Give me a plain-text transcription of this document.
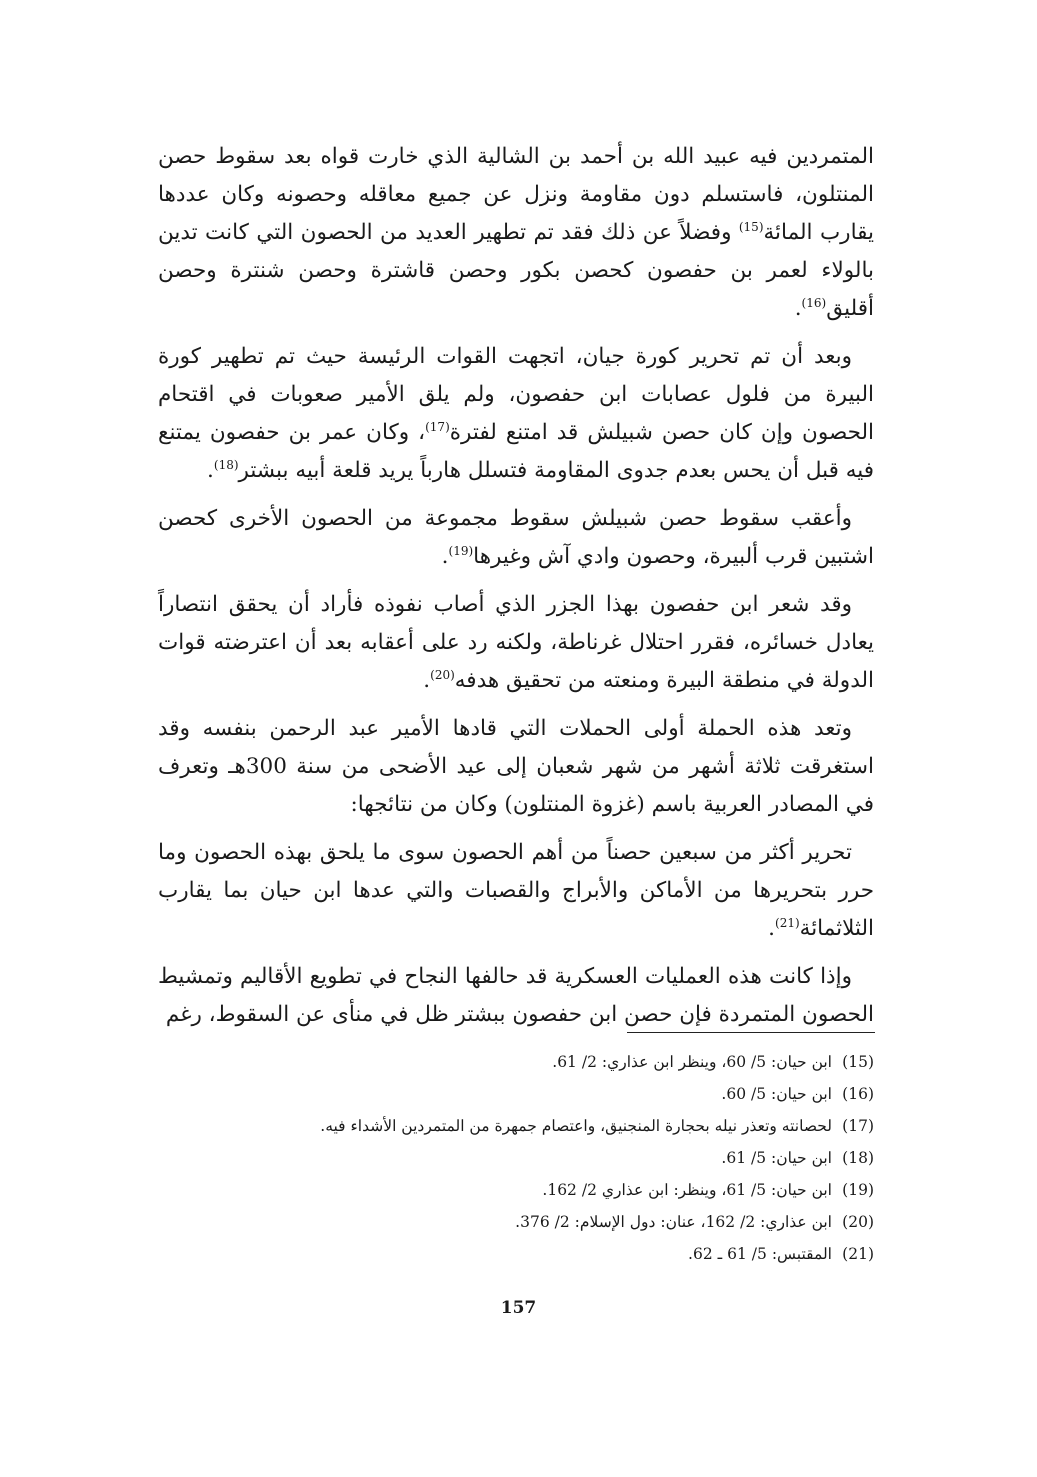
المتمردين فيه عبيد الله بن أحمد بن الشالية الذي خارت قواه بعد سقوط حصن المنتلون، فاستسلم دون مقاومة ونزل عن جميع معاقله وحصونه وكان عددها يقارب المائة$^{(15)}$ وفضلاً عن ذلك فقد تم تطهير العديد من الحصون التي كانت تدين بالولاء لعمر بن حفصون كحصن بكور وحصن قاشترة وحصن شنترة وحصن أقليق$^{(16)}$.

وبعد أن تم تحرير كورة جيان، اتجهت القوات الرئيسة حيث تم تطهير كورة البيرة من فلول عصابات ابن حفصون، ولم يلق الأمير صعوبات في اقتحام الحصون وإن كان حصن شبيلش قد امتنع لفترة$^{(17)}$، وكان عمر بن حفصون يمتنع فيه قبل أن يحس بعدم جدوى المقاومة فتسلل هارباً يريد قلعة أبيه ببشتر$^{(18)}$.

وأعقب سقوط حصن شبيلش سقوط مجموعة من الحصون الأخرى كحصن اشتبين قرب ألبيرة، وحصون وادي آش وغيرها$^{(19)}$.

وقد شعر ابن حفصون بهذا الجزر الذي أصاب نفوذه فأراد أن يحقق انتصاراً يعادل خسائره، فقرر احتلال غرناطة، ولكنه رد على أعقابه بعد أن اعترضته قوات الدولة في منطقة البيرة ومنعته من تحقيق هدفه$^{(20)}$.

وتعد هذه الحملة أولى الحملات التي قادها الأمير عبد الرحمن بنفسه وقد استغرقت ثلاثة أشهر من شهر شعبان إلى عيد الأضحى من سنة 300هـ وتعرف في المصادر العربية باسم (غزوة المنتلون) وكان من نتائجها:

تحرير أكثر من سبعين حصناً من أهم الحصون سوى ما يلحق بهذه الحصون وما حرر بتحريرها من الأماكن والأبراج والقصبات والتي عدها ابن حيان بما يقارب الثلاثمائة$^{(21)}$.

وإذا كانت هذه العمليات العسكرية قد حالفها النجاح في تطويع الأقاليم وتمشيط الحصون المتمردة فإن حصن ابن حفصون ببشتر ظل في منأى عن السقوط، رغم

(15)
ابن حيان: 5/ 60، وينظر ابن عذاري: 2/ 61.
(16)
ابن حيان: 5/ 60.
(17)
لحصانته وتعذر نيله بحجارة المنجنيق، واعتصام جمهرة من المتمردين الأشداء فيه.
(18)
ابن حيان: 5/ 61.
(19)
ابن حيان: 5/ 61، وينظر: ابن عذاري 2/ 162.
(20)
ابن عذاري: 2/ 162، عنان: دول الإسلام: 2/ 376.
(21)
المقتبس: 5/ 61 ـ 62.
157
